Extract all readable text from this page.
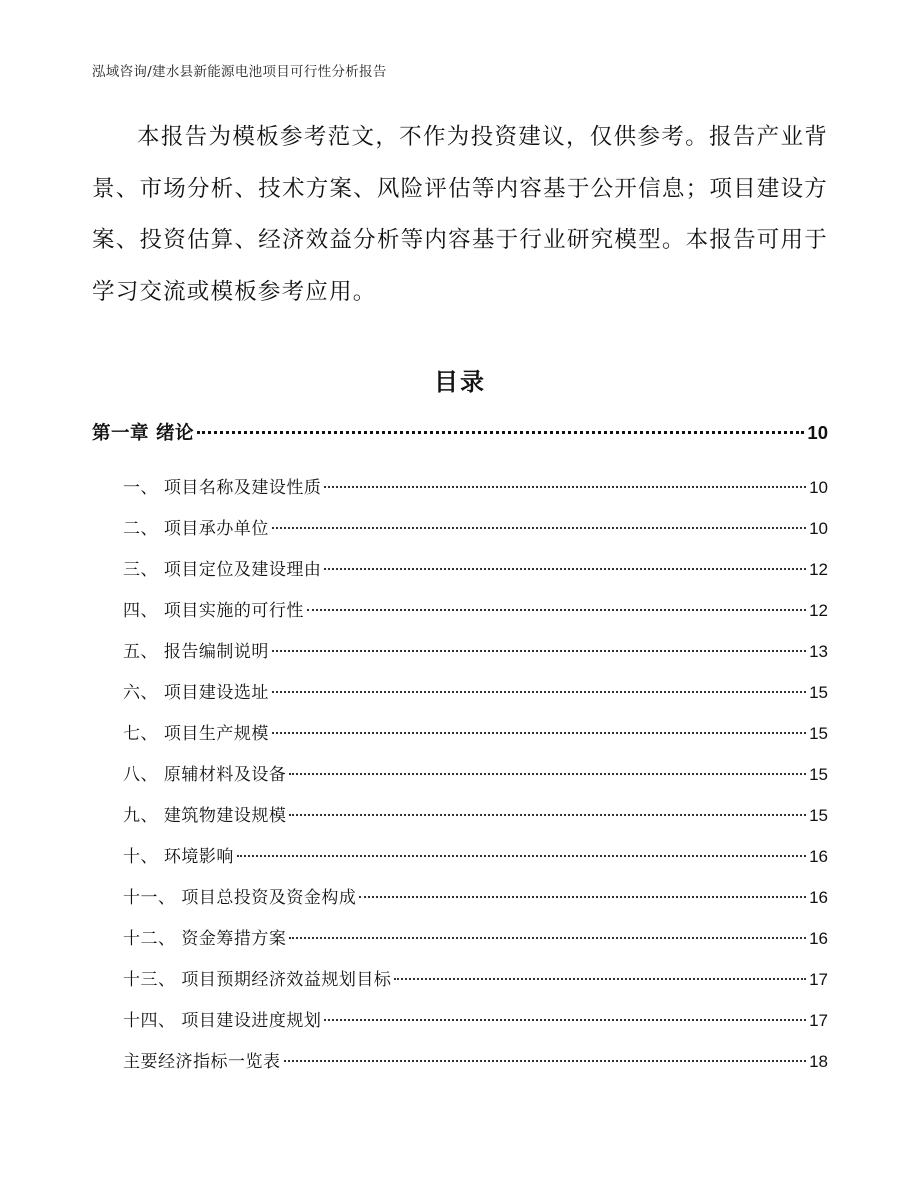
泓域咨询/建水县新能源电池项目可行性分析报告

本报告为模板参考范文，不作为投资建议，仅供参考。报告产业背景、市场分析、技术方案、风险评估等内容基于公开信息；项目建设方案、投资估算、经济效益分析等内容基于行业研究模型。本报告可用于学习交流或模板参考应用。

目录
第一章 绪论	10
一、 项目名称及建设性质	10
二、 项目承办单位	10
三、 项目定位及建设理由	12
四、 项目实施的可行性	12
五、 报告编制说明	13
六、 项目建设选址	15
七、 项目生产规模	15
八、 原辅材料及设备	15
九、 建筑物建设规模	15
十、 环境影响	16
十一、 项目总投资及资金构成	16
十二、 资金筹措方案	16
十三、 项目预期经济效益规划目标	17
十四、 项目建设进度规划	17
主要经济指标一览表	18
